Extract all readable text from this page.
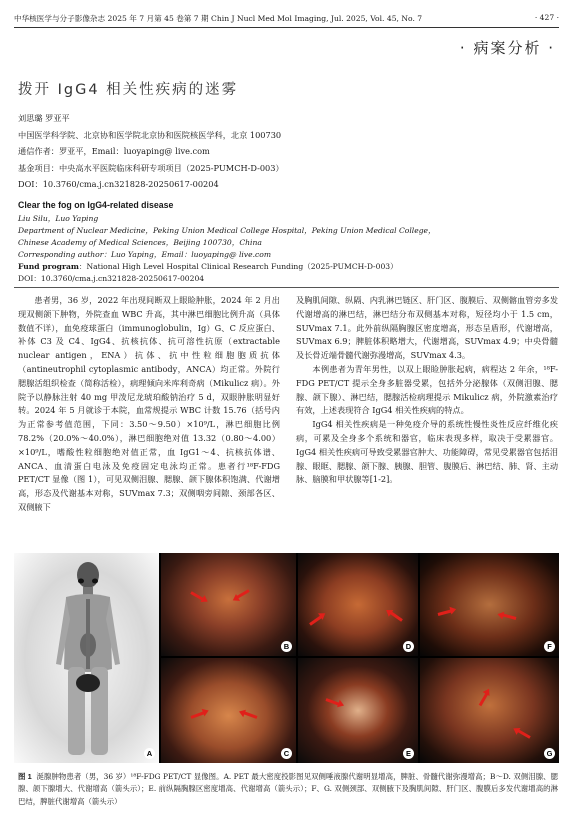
中华核医学与分子影像杂志 2025 年 7 月第 45 卷第 7 期 Chin J Nucl Med Mol Imaging, Jul. 2025, Vol. 45, No. 7	· 427 ·
· 病案分析 ·
拨开 IgG4 相关性疾病的迷雾
刘思璐 罗亚平
中国医学科学院、北京协和医学院北京协和医院核医学科，北京 100730
通信作者：罗亚平，Email：luoyaping@ live.com
基金项目：中央高水平医院临床科研专项项目（2025-PUMCH-D-003）
DOI：10.3760/cma.j.cn321828-20250617-00204
Clear the fog on IgG4-related disease
Liu Silu，Luo Yaping
Department of Nuclear Medicine，Peking Union Medical College Hospital，Peking Union Medical College，
Chinese Academy of Medical Sciences，Beijing 100730，China
Corresponding author：Luo Yaping，Email：luoyaping@ live.com
Fund program：National High Level Hospital Clinical Research Funding（2025-PUMCH-D-003）
DOI：10.3760/cma.j.cn321828-20250617-00204

患者男，36 岁，2022 年出现间断双上眼睑肿胀，2024 年 2 月出现双侧颌下肿物，外院查血 WBC 升高，其中淋巴细胞比例升高（具体数值不详），血免疫球蛋白（immunoglobulin，Ig）G、C 反应蛋白、补体 C3 及 C4、IgG4、抗核抗体、抗可溶性抗原（extractable nuclear antigen，ENA）抗体、抗中性粒细胞胞质抗体（antineutrophil cytoplasmic antibody，ANCA）均正常。外院行腮腺活组织检查（简称活检），病理倾向米库利奇病（Mikulicz 病）。外院予以静脉注射 40 mg 甲泼尼龙琥珀酸钠治疗 5 d，双眼肿胀明显好转。2024 年 5 月就诊于本院，血常规提示 WBC 计数 15.76（括号内为正常参考值范围，下同：3.50～9.50）×10⁹/L，淋巴细胞比例 78.2%（20.0%～40.0%），淋巴细胞绝对值 13.32（0.80～4.00）×10⁹/L，嗜酸性粒细胞绝对值正常，血 IgG1～4、抗核抗体谱、ANCA、血清蛋白电泳及免疫固定电泳均正常。患者行¹⁸F-FDG PET/CT 显像（图 1），可见双侧泪腺、腮腺、颌下腺体积饱满、代谢增高，形态及代谢基本对称，SUVmax 7.3；双侧咽旁间隙、颈部各区、双侧腋下

及胸肌间隙、纵隔、内乳淋巴链区、肝门区、腹膜后、双侧髂血管旁多发代谢增高的淋巴结，淋巴结分布双侧基本对称，短径均小于 1.5 cm，SUVmax 7.1。此外前纵隔胸腺区密度增高，形态呈盾形，代谢增高，SUVmax 6.9；脾脏体积略增大，代谢增高，SUVmax 4.9；中央骨髓及长骨近端骨髓代谢弥漫增高，SUVmax 4.3。

本例患者为青年男性，以双上眼睑肿胀起病，病程达 2 年余，¹⁸F-FDG PET/CT 提示全身多脏器受累，包括外分泌腺体（双侧泪腺、腮腺、颌下腺）、淋巴结，腮腺活检病理提示 Mikulicz 病，外院激素治疗有效，上述表现符合 IgG4 相关性疾病的特点。

IgG4 相关性疾病是一种免疫介导的系统性慢性炎性反应纤维化疾病，可累及全身多个系统和器官，临床表现多样，取决于受累器官。IgG4 相关性疾病可导致受累器官肿大、功能障碍，常见受累器官包括泪腺、眼眶、腮腺、颌下腺、胰腺、胆管、腹膜后、淋巴结、肺、肾、主动脉、脑膜和甲状腺等[1-2]。

A
B
C
D
E
F
G
图 1 涎腺肿物患者（男，36 岁）¹⁸F-FDG PET/CT 显像图。A. PET 最大密度投影图见双侧唾液腺代谢明显增高，脾脏、骨髓代谢弥漫增高；B～D. 双侧泪腺、腮腺、颌下腺增大、代谢增高（箭头示）；E. 前纵隔胸腺区密度增高、代谢增高（箭头示）；F、G. 双侧颈部、双侧腋下及胸肌间隙、肝门区、腹膜后多发代谢增高的淋巴结，脾脏代谢增高（箭头示）
